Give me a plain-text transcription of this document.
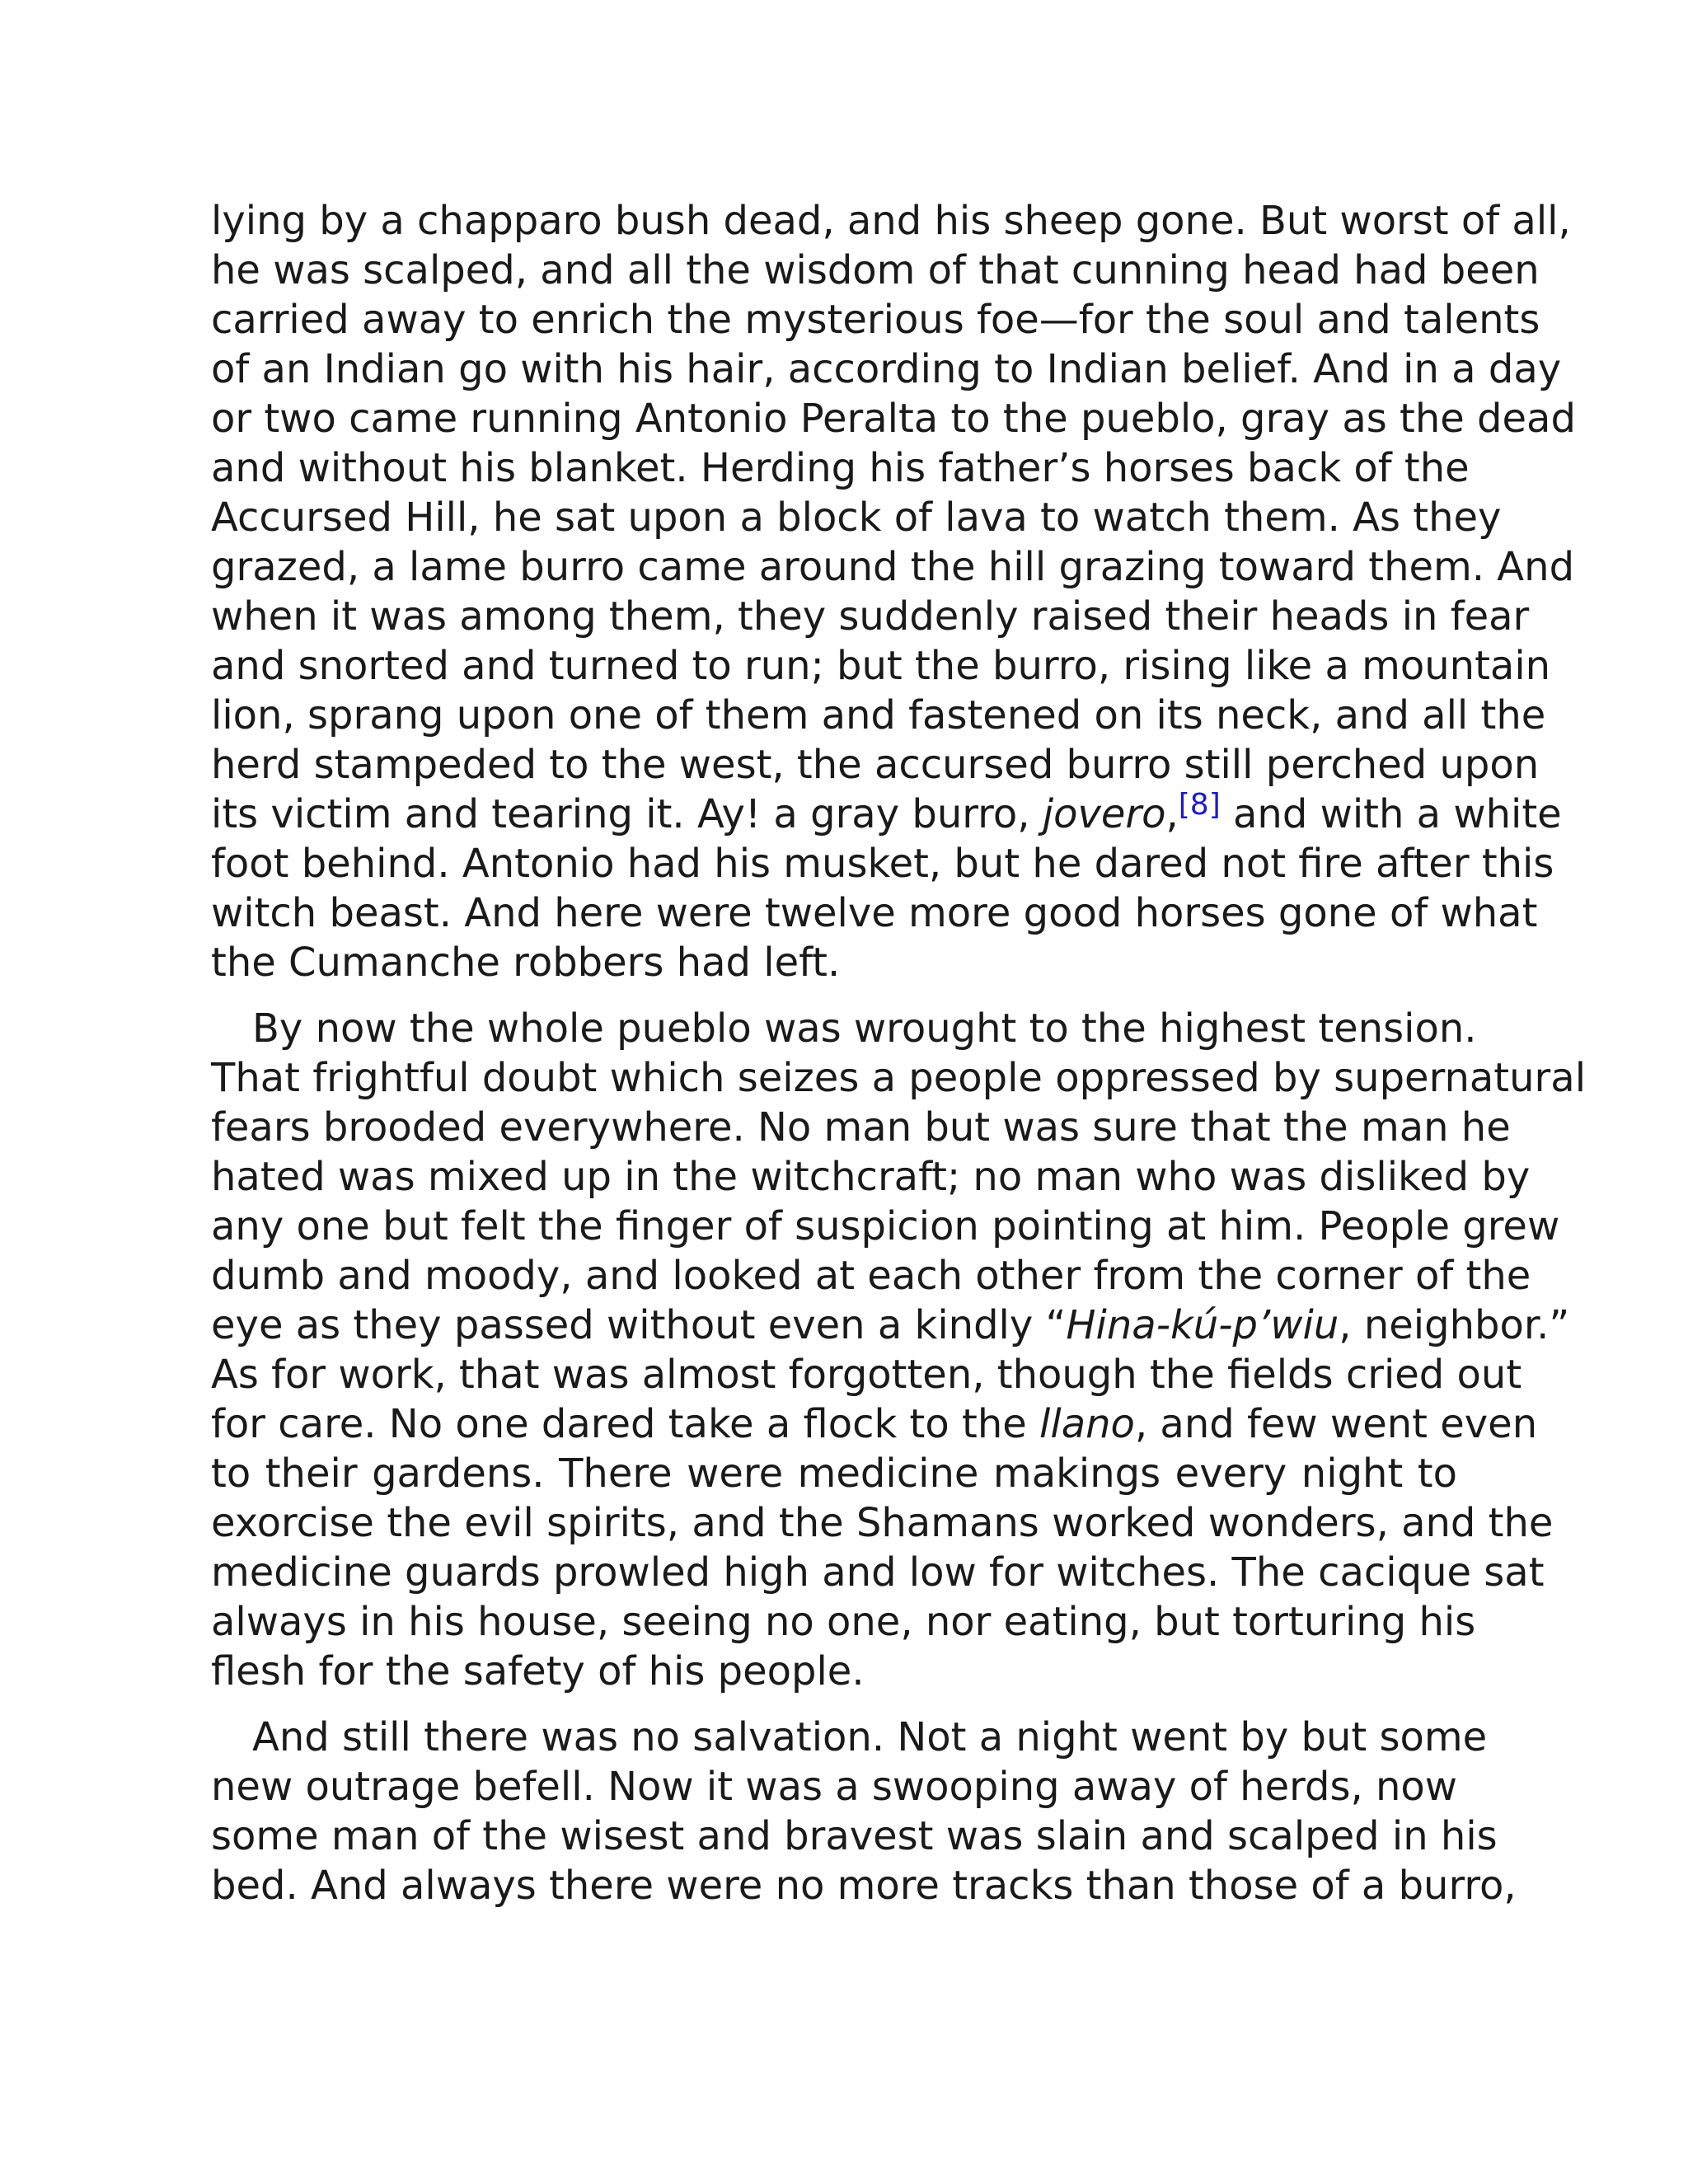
lying by a chapparo bush dead, and his sheep gone. But worst of all,
he was scalped, and all the wisdom of that cunning head had been
carried away to enrich the mysterious foe—for the soul and talents
of an Indian go with his hair, according to Indian belief. And in a day
or two came running Antonio Peralta to the pueblo, gray as the dead
and without his blanket. Herding his father’s horses back of the
Accursed Hill, he sat upon a block of lava to watch them. As they
grazed, a lame burro came around the hill grazing toward them. And
when it was among them, they suddenly raised their heads in fear
and snorted and turned to run; but the burro, rising like a mountain
lion, sprang upon one of them and fastened on its neck, and all the
herd stampeded to the west, the accursed burro still perched upon
its victim and tearing it. Ay! a gray burro, jovero,[8] and with a white
foot behind. Antonio had his musket, but he dared not fire after this
witch beast. And here were twelve more good horses gone of what
the Cumanche robbers had left.
By now the whole pueblo was wrought to the highest tension.
That frightful doubt which seizes a people oppressed by supernatural
fears brooded everywhere. No man but was sure that the man he
hated was mixed up in the witchcraft; no man who was disliked by
any one but felt the finger of suspicion pointing at him. People grew
dumb and moody, and looked at each other from the corner of the
eye as they passed without even a kindly “Hina-kú-p’wiu, neighbor.”
As for work, that was almost forgotten, though the fields cried out
for care. No one dared take a flock to the llano, and few went even
to their gardens. There were medicine makings every night to
exorcise the evil spirits, and the Shamans worked wonders, and the
medicine guards prowled high and low for witches. The cacique sat
always in his house, seeing no one, nor eating, but torturing his
flesh for the safety of his people.
And still there was no salvation. Not a night went by but some
new outrage befell. Now it was a swooping away of herds, now
some man of the wisest and bravest was slain and scalped in his
bed. And always there were no more tracks than those of a burro,
